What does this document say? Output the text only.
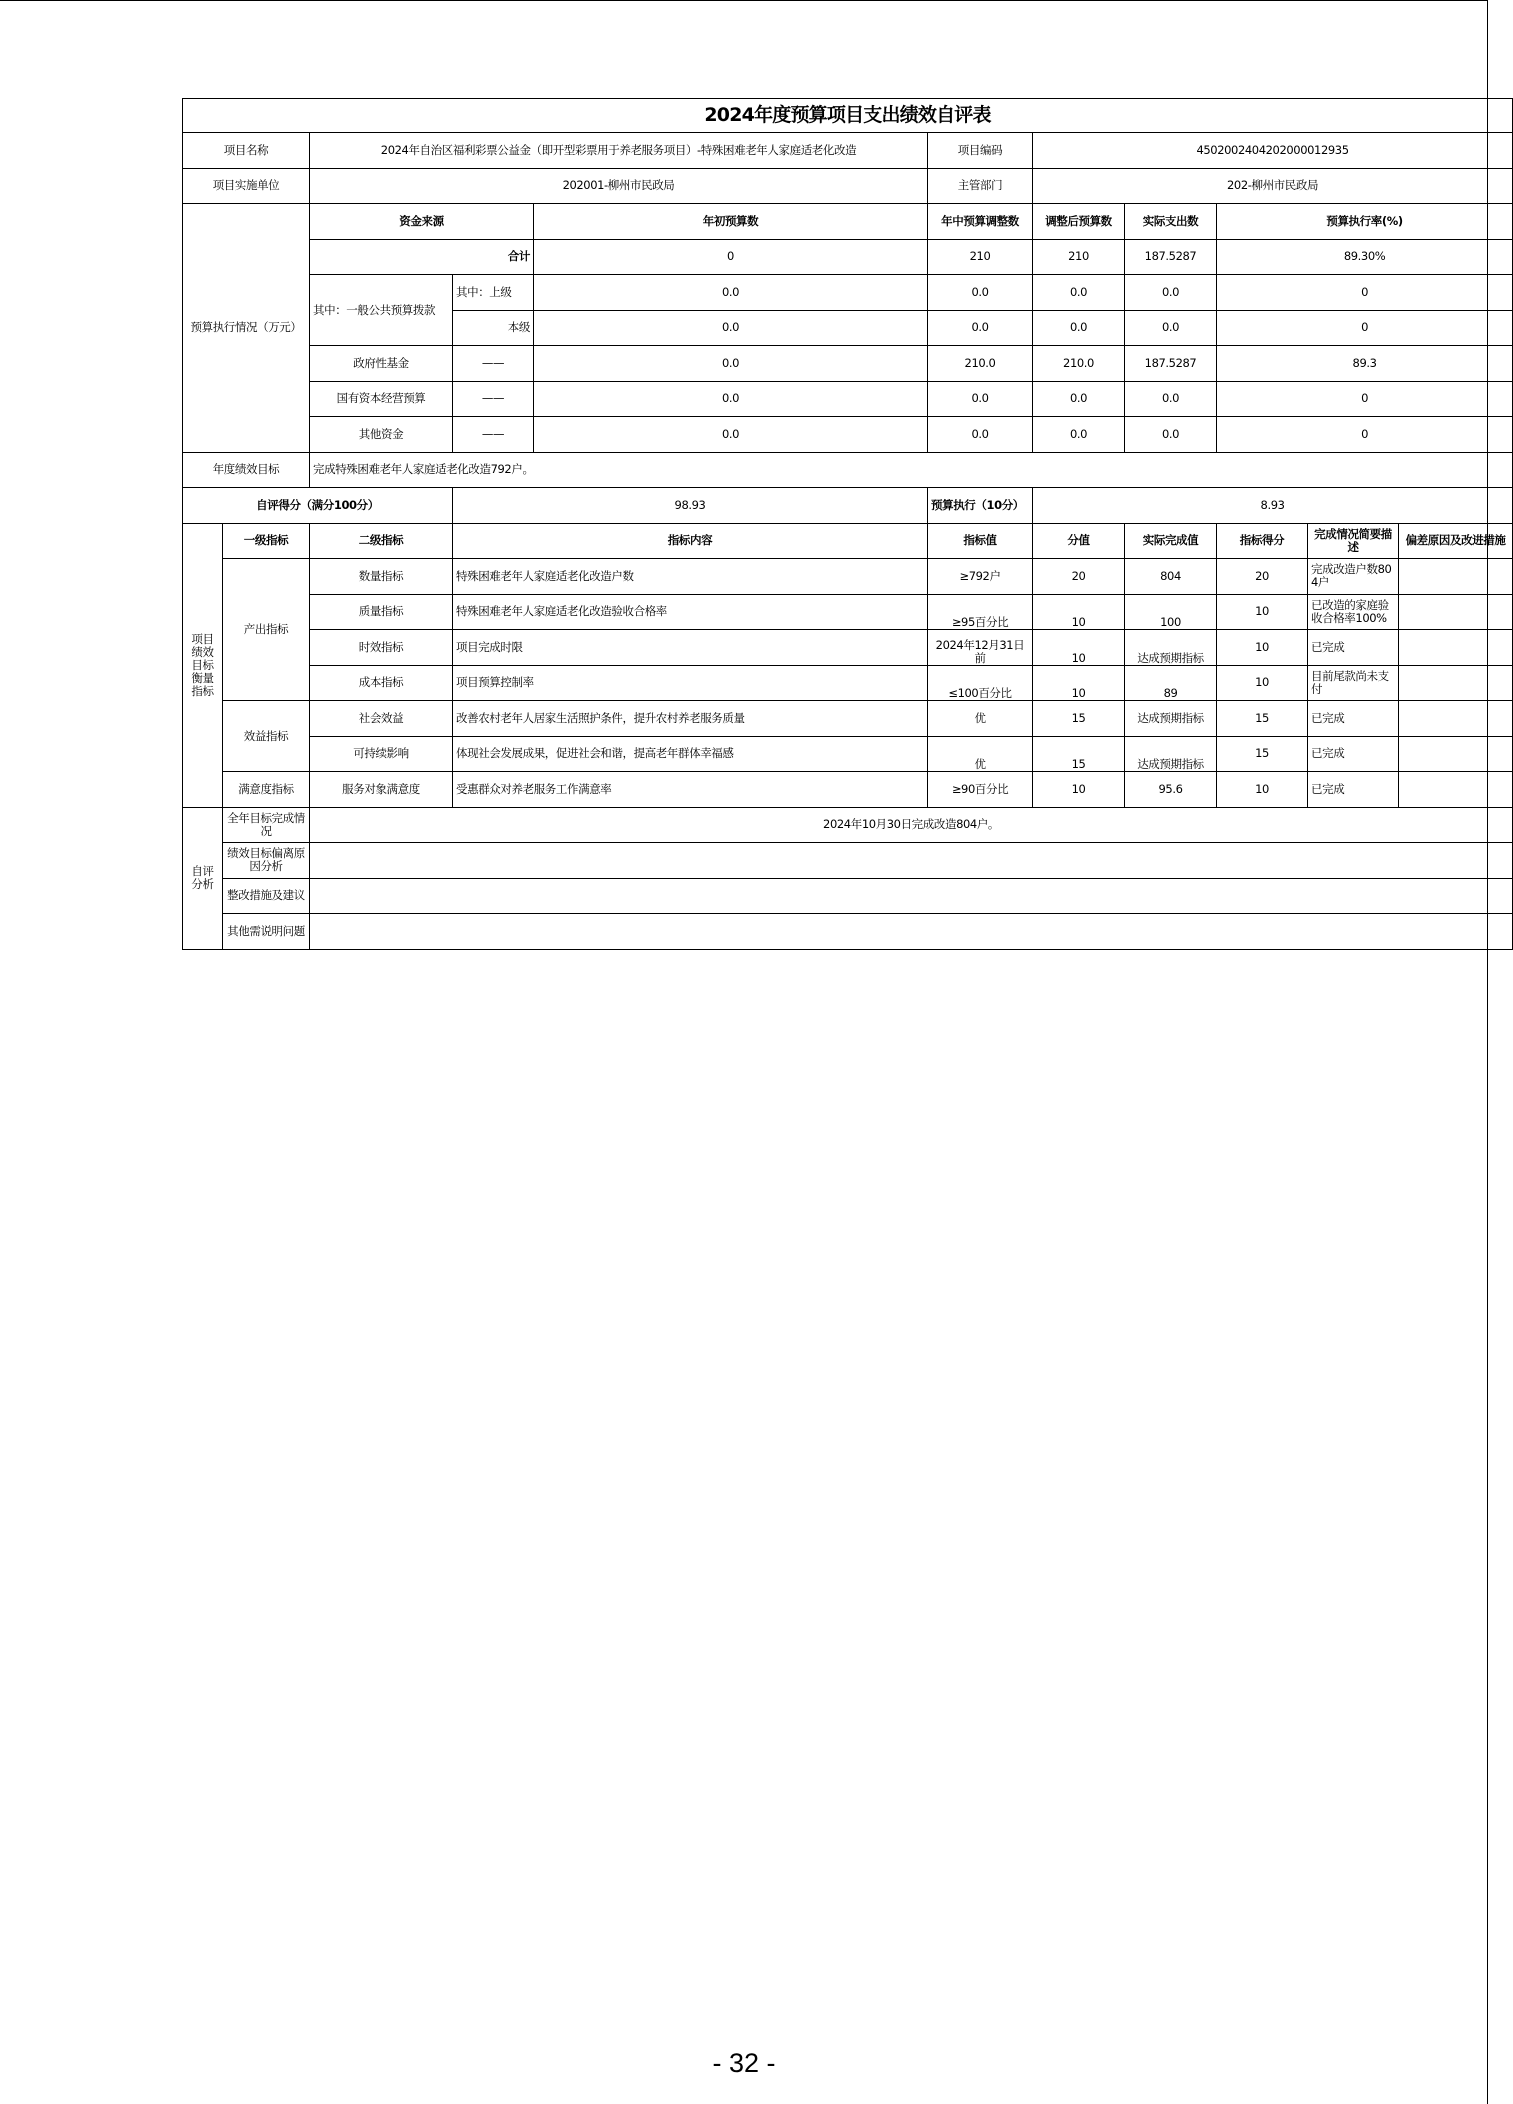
2024年度预算项目支出绩效自评表										
项目名称		2024年自治区福利彩票公益金（即开型彩票用于养老服务项目）-特殊困难老年人家庭适老化改造			项目编码	4502002404202000012935				
项目实施单位		202001-柳州市民政局			主管部门	202-柳州市民政局				
预算执行情况（万元）		资金来源		年初预算数	年中预算调整数	调整后预算数	实际支出数	预算执行率(%)		
		合计		0	210	210	187.5287	89.30%		
		其中：一般公共预算拨款	其中：上级	0.0	0.0	0.0	0.0	0		
			本级	0.0	0.0	0.0	0.0	0		
		政府性基金	——	0.0	210.0	210.0	187.5287	89.3		
		国有资本经营预算	——	0.0	0.0	0.0	0.0	0		
		其他资金	——	0.0	0.0	0.0	0.0	0		
年度绩效目标		完成特殊困难老年人家庭适老化改造792户。								
自评得分（满分100分）			98.93		预算执行（10分）	8.93				
项目绩效目标衡量指标	一级指标	二级指标	指标内容		指标值	分值	实际完成值	指标得分	完成情况简要描述	偏差原因及改进措施
	产出指标	数量指标	特殊困难老年人家庭适老化改造户数		≥792户	20	804	20	完成改造户数804户	
		质量指标	特殊困难老年人家庭适老化改造验收合格率		≥95百分比	10	100	10	已改造的家庭验收合格率100%	
		时效指标	项目完成时限		2024年12月31日前	10	达成预期指标	10	已完成	
		成本指标	项目预算控制率		≤100百分比	10	89	10	目前尾款尚未支付	
	效益指标	社会效益	改善农村老年人居家生活照护条件，提升农村养老服务质量		优	15	达成预期指标	15	已完成	
		可持续影响	体现社会发展成果，促进社会和谐，提高老年群体幸福感		优	15	达成预期指标	15	已完成	
	满意度指标	服务对象满意度	受惠群众对养老服务工作满意率		≥90百分比	10	95.6	10	已完成	
自评分析	全年目标完成情况	2024年10月30日完成改造804户。								
	绩效目标偏离原因分析									
	整改措施及建议									
	其他需说明问题									
- 32 -
